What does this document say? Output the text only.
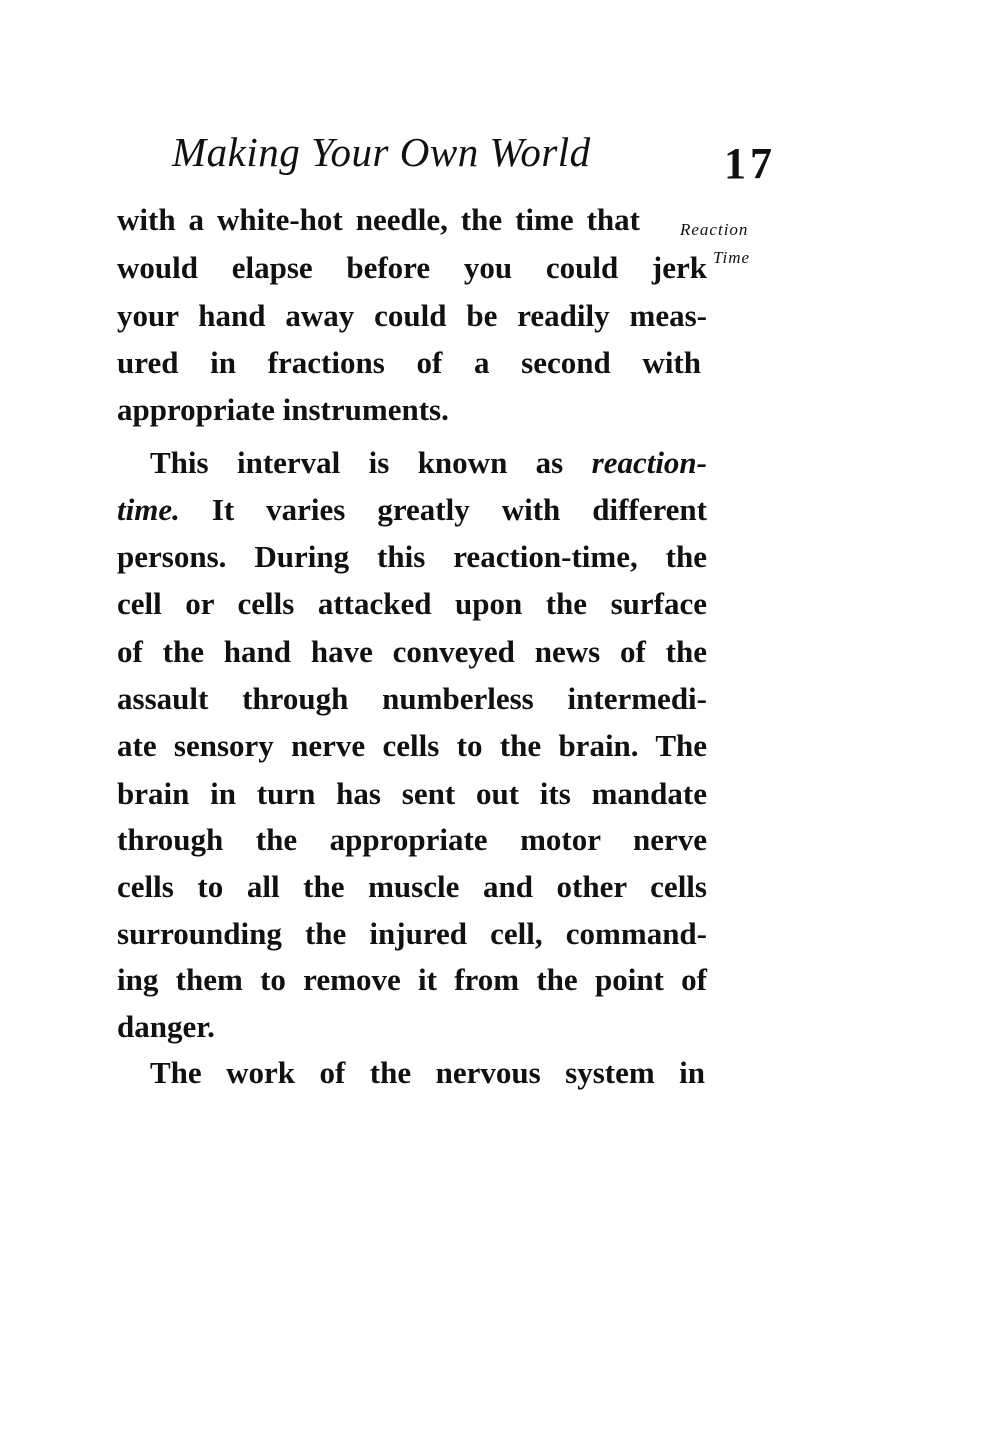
Making Your Own World	17
Reaction
Time
with a white-hot needle, the time that
would elapse before you could jerk
your hand away could be readily meas-
ured in fractions of a second with
appropriate instruments.
This interval is known as reaction-
time. It varies greatly with different
persons. During this reaction-time, the
cell or cells attacked upon the surface
of the hand have conveyed news of the
assault through numberless intermedi-
ate sensory nerve cells to the brain. The
brain in turn has sent out its mandate
through the appropriate motor nerve
cells to all the muscle and other cells
surrounding the injured cell, command-
ing them to remove it from the point of
danger.
The work of the nervous system in
